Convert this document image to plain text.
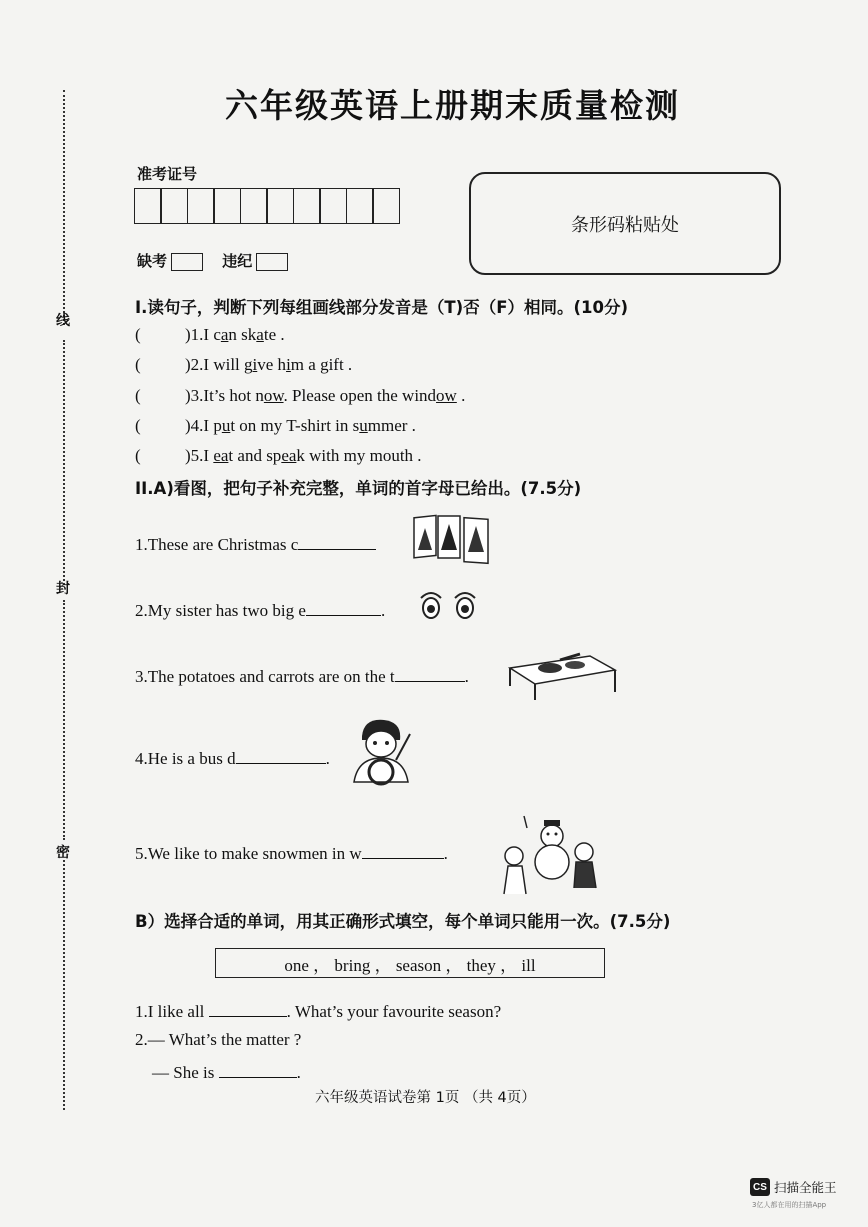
线
封
密
六年级英语上册期末质量检测
准考证号
缺考	违纪
条形码粘贴处
I.读句子，判断下列每组画线部分发音是（T)否（F）相同。(10分)
(	)1.I can skate .
(	)2.I will give him a gift .
(	)3.It’s hot now. Please open the window .
(	)4.I put on my T-shirt in summer .
(	)5.I eat and speak with my mouth .
II.A)看图，把句子补充完整，单词的首字母已给出。(7.5分)
1.These are Christmas c
2.My sister has two big e	.
3.The potatoes and carrots are on the t	.
4.He is a bus d	.
5.We like to make snowmen in w	.
B）选择合适的单词，用其正确形式填空，每个单词只能用一次。(7.5分)
one ， bring ， season ， they ， ill
1.I like all	. What’s your favourite season?
2.— What’s the matter ?
— She is	.
六年级英语试卷第 1页 （共 4页）
CS 扫描全能王
3亿人都在用的扫描App
